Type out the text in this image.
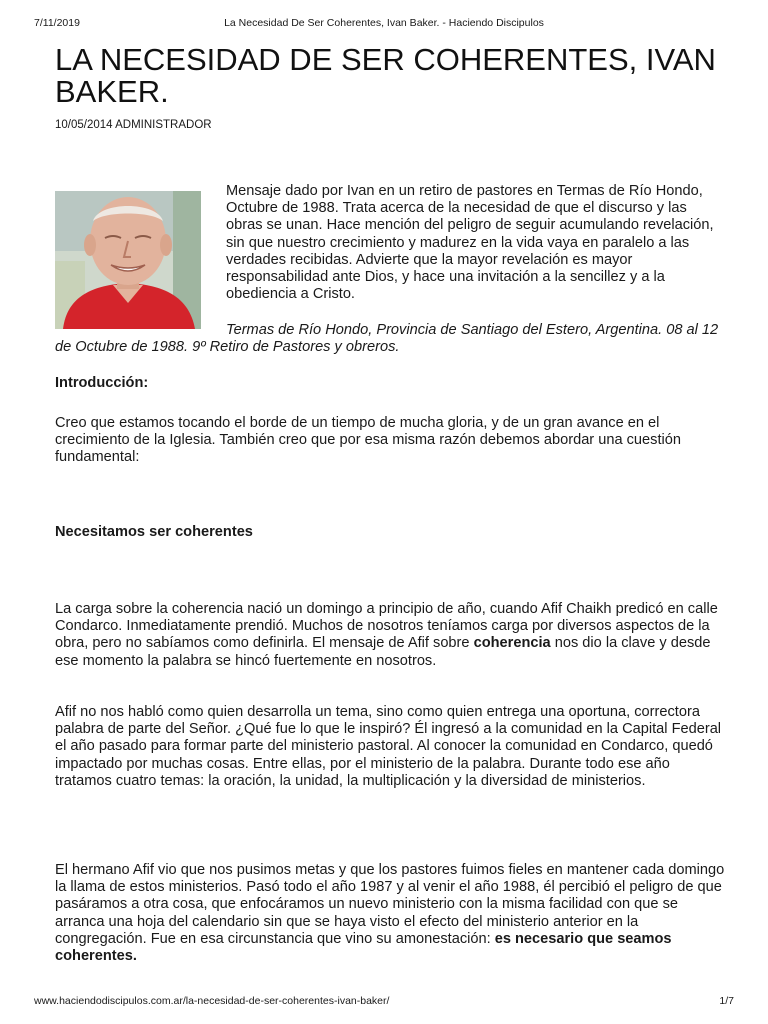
7/11/2019	La Necesidad De Ser Coherentes, Ivan Baker. - Haciendo Discipulos
LA NECESIDAD DE SER COHERENTES, IVAN BAKER.
10/05/2014 ADMINISTRADOR

Mensaje dado por Ivan en un retiro de pastores en Termas de Río Hondo, Octubre de 1988. Trata acerca de la necesidad de que el discurso y las obras se unan. Hace mención del peligro de seguir acumulando revelación, sin que nuestro crecimiento y madurez en la vida vaya en paralelo a las verdades recibidas. Advierte que la mayor revelación es mayor responsabilidad ante Dios, y hace una invitación a la sencillez y a la obediencia a Cristo.

Termas de Río Hondo, Provincia de Santiago del Estero, Argentina. 08 al 12 de Octubre de 1988. 9º Retiro de Pastores y obreros.

Introducción:

Creo que estamos tocando el borde de un tiempo de mucha gloria, y de un gran avance en el crecimiento de la Iglesia. También creo que por esa misma razón debemos abordar una cuestión fundamental:

Necesitamos ser coherentes

La carga sobre la coherencia nació un domingo a principio de año, cuando Afif Chaikh predicó en calle Condarco. Inmediatamente prendió. Muchos de nosotros teníamos carga por diversos aspectos de la obra, pero no sabíamos como definirla. El mensaje de Afif sobre coherencia nos dio la clave y desde ese momento la palabra se hincó fuertemente en nosotros.

Afif no nos habló como quien desarrolla un tema, sino como quien entrega una oportuna, correctora palabra de parte del Señor. ¿Qué fue lo que le inspiró? Él ingresó a la comunidad en la Capital Federal el año pasado para formar parte del ministerio pastoral. Al conocer la comunidad en Condarco, quedó impactado por muchas cosas. Entre ellas, por el ministerio de la palabra. Durante todo ese año tratamos cuatro temas: la oración, la unidad, la multiplicación y la diversidad de ministerios.

El hermano Afif vio que nos pusimos metas y que los pastores fuimos fieles en mantener cada domingo la llama de estos ministerios. Pasó todo el año 1987 y al venir el año 1988, él percibió el peligro de que pasáramos a otra cosa, que enfocáramos un nuevo ministerio con la misma facilidad con que se arranca una hoja del calendario sin que se haya visto el efecto del ministerio anterior en la congregación. Fue en esa circunstancia que vino su amonestación: es necesario que seamos coherentes.

www.haciendodiscipulos.com.ar/la-necesidad-de-ser-coherentes-ivan-baker/	1/7
